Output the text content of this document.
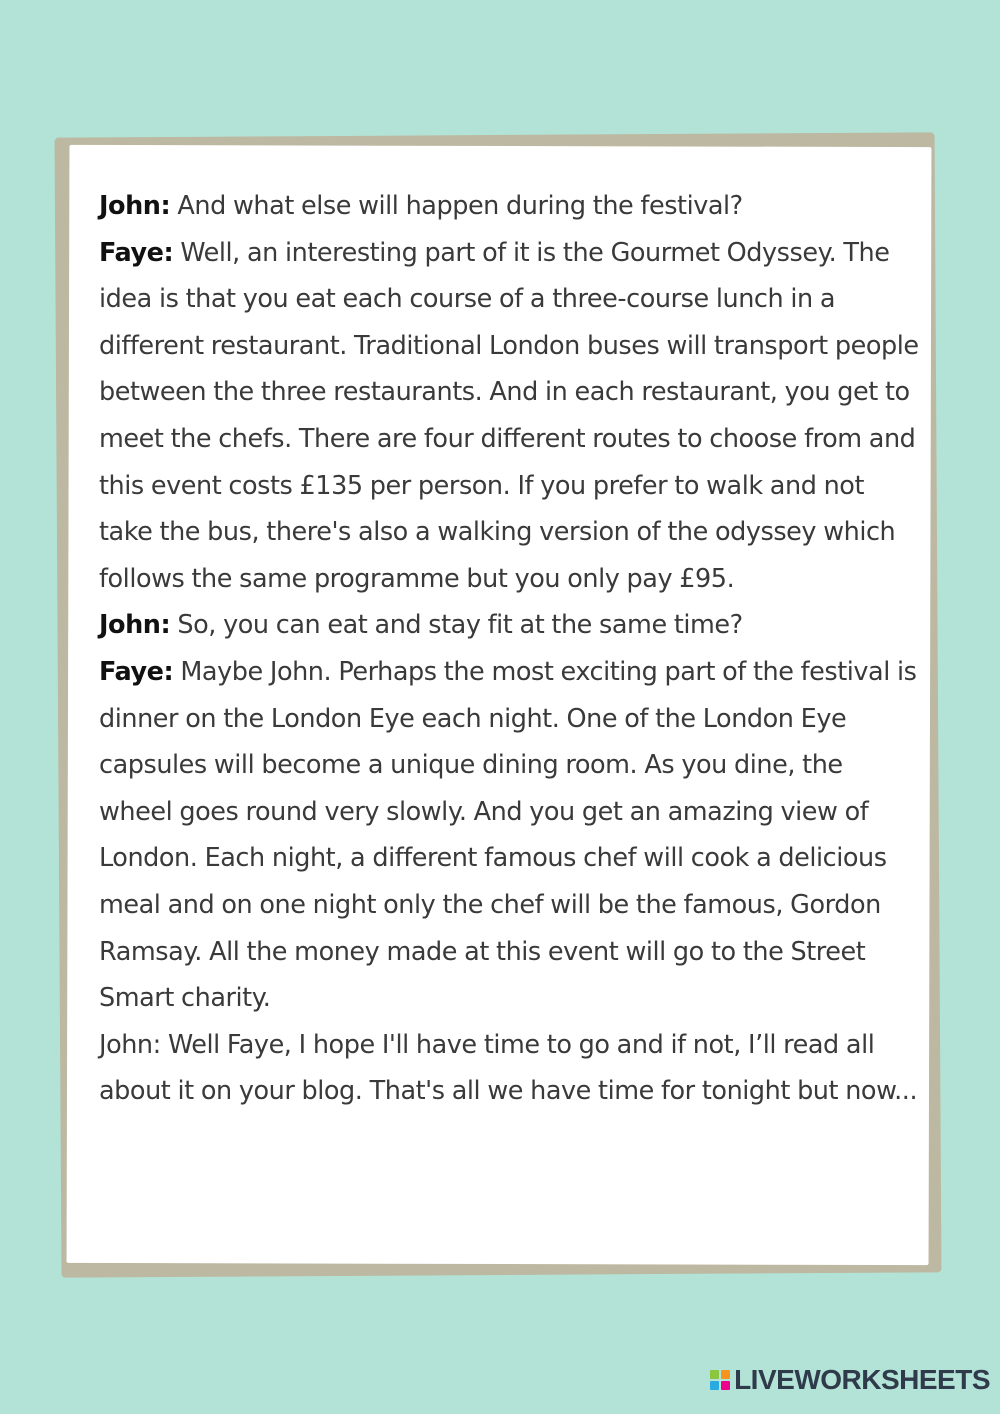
John: And what else will happen during the festival?

Faye: Well, an interesting part of it is the Gourmet Odyssey. The idea is that you eat each course of a three-course lunch in a different restaurant. Traditional London buses will transport people between the three restaurants. And in each restaurant, you get to meet the chefs. There are four different routes to choose from and this event costs £135 per person. If you prefer to walk and not take the bus, there's also a walking version of the odyssey which follows the same programme but you only pay £95.

John: So, you can eat and stay fit at the same time?

Faye: Maybe John. Perhaps the most exciting part of the festival is dinner on the London Eye each night. One of the London Eye capsules will become a unique dining room. As you dine, the wheel goes round very slowly. And you get an amazing view of London. Each night, a different famous chef will cook a delicious meal and on one night only the chef will be the famous, Gordon Ramsay. All the money made at this event will go to the Street Smart charity.

John: Well Faye, I hope I'll have time to go and if not, I’ll read all about it on your blog. That's all we have time for tonight but now...

LIVEWORKSHEETS
